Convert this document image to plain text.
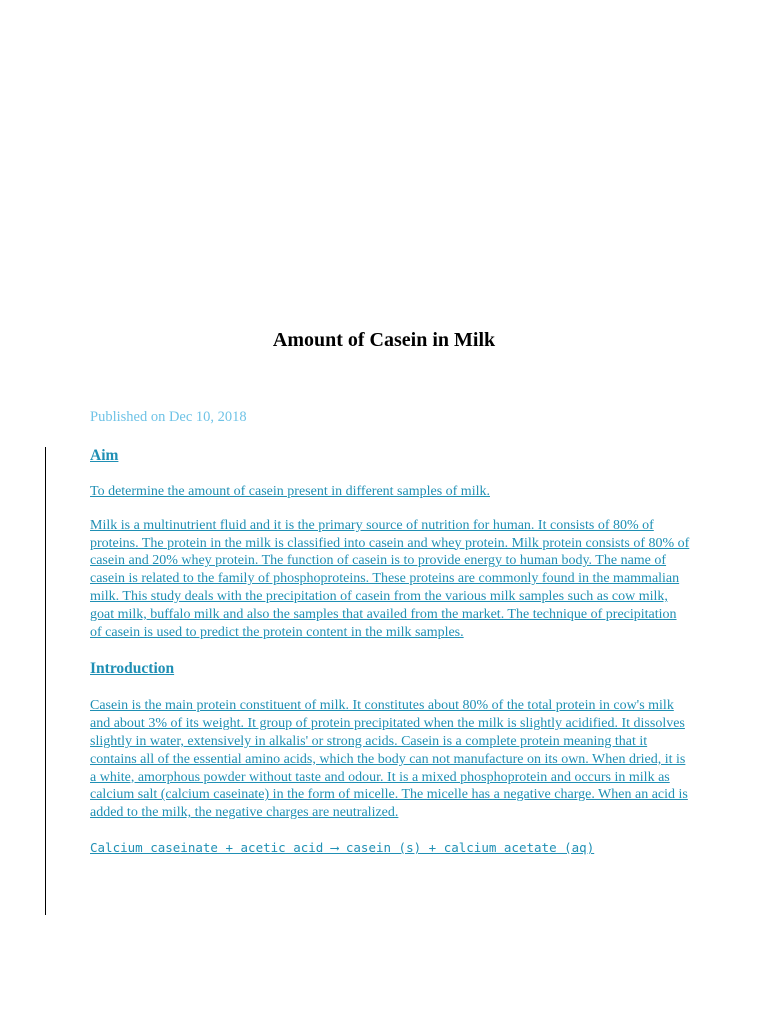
Amount of Casein in Milk
Published on Dec 10, 2018
Aim

To determine the amount of casein present in different samples of milk.

Milk is a multinutrient fluid and it is the primary source of nutrition for human. It consists of 80% of proteins. The protein in the milk is classified into casein and whey protein. Milk protein consists of 80% of casein and 20% whey protein. The function of casein is to provide energy to human body. The name of casein is related to the family of phosphoproteins. These proteins are commonly found in the mammalian milk. This study deals with the precipitation of casein from the various milk samples such as cow milk, goat milk, buffalo milk and also the samples that availed from the market. The technique of precipitation of casein is used to predict the protein content in the milk samples.

Introduction

Casein is the main protein constituent of milk. It constitutes about 80% of the total protein in cow's milk and about 3% of its weight. It group of protein precipitated when the milk is slightly acidified. It dissolves slightly in water, extensively in alkalis' or strong acids. Casein is a complete protein meaning that it contains all of the essential amino acids, which the body can not manufacture on its own. When dried, it is a white, amorphous powder without taste and odour. It is a mixed phosphoprotein and occurs in milk as calcium salt (calcium caseinate) in the form of micelle. The micelle has a negative charge. When an acid is added to the milk, the negative charges are neutralized.

Calcium caseinate + acetic acid ⟶ casein (s) + calcium acetate (aq)
